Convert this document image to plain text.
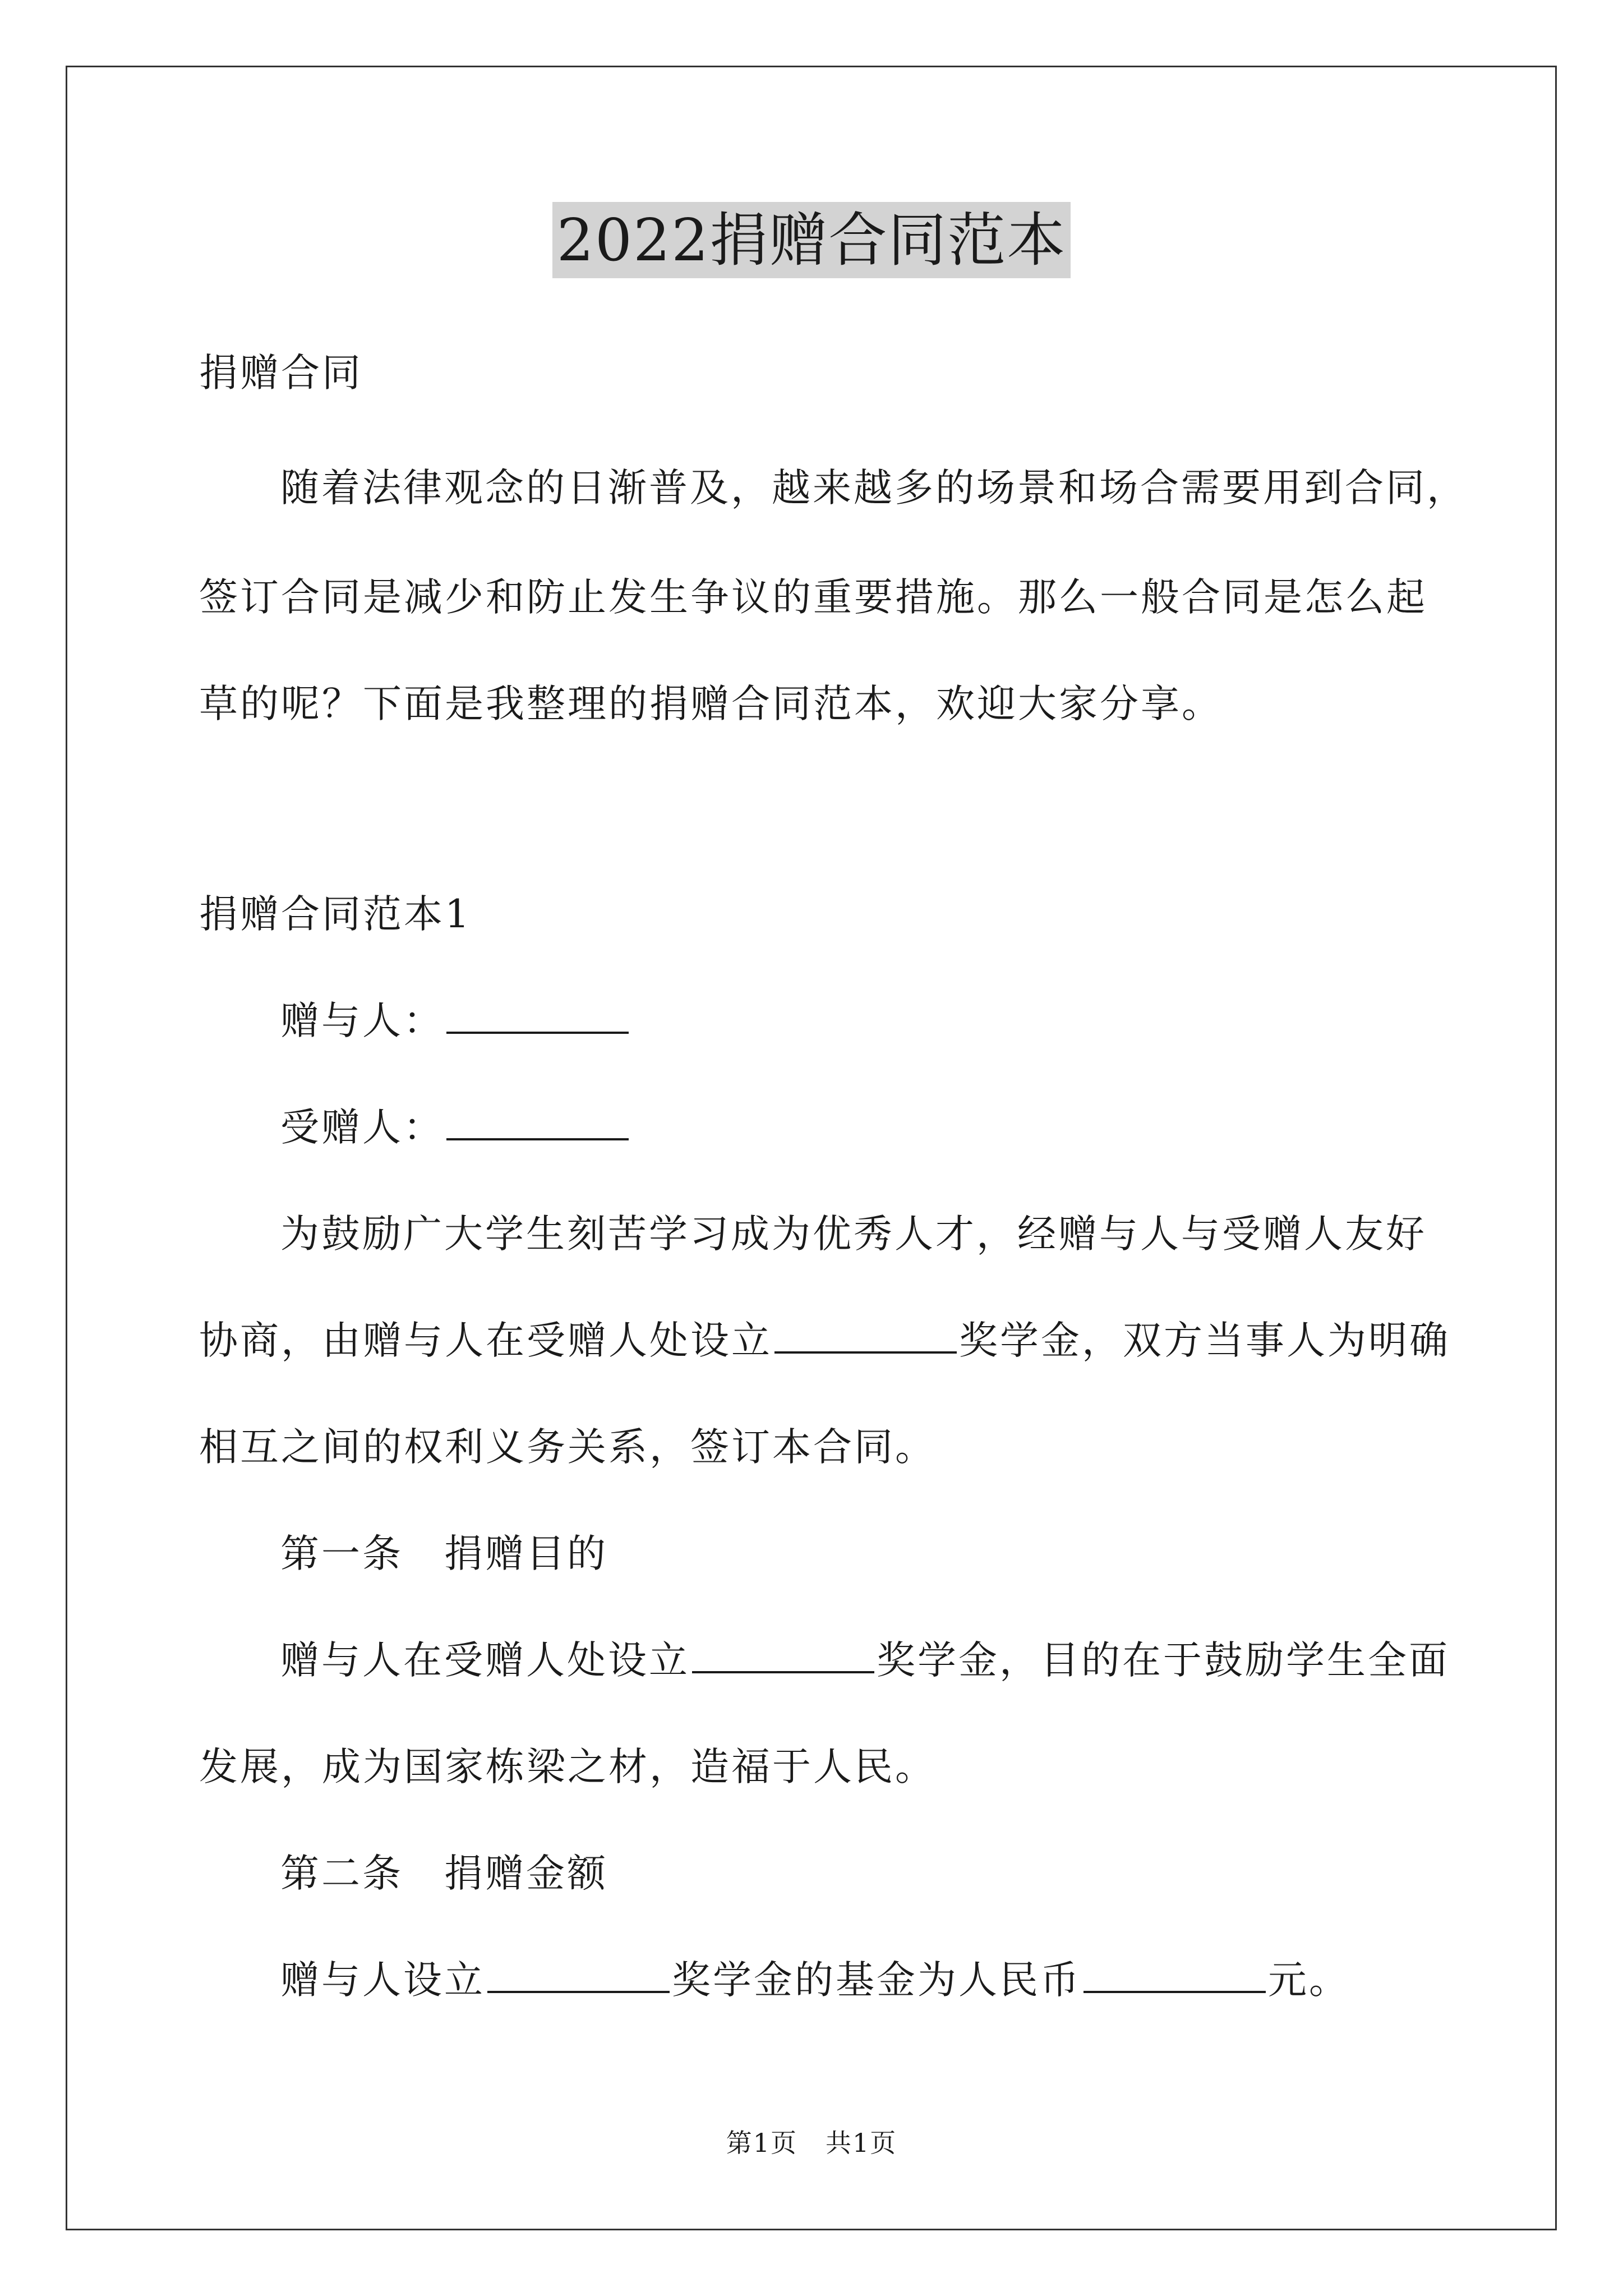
2022捐赠合同范本
捐赠合同
随着法律观念的日渐普及，越来越多的场景和场合需要用到合同，
签订合同是减少和防止发生争议的重要措施。那么一般合同是怎么起
草的呢？下面是我整理的捐赠合同范本，欢迎大家分享。
捐赠合同范本1
赠与人：
受赠人：
为鼓励广大学生刻苦学习成为优秀人才，经赠与人与受赠人友好
协商，由赠与人在受赠人处设立	奖学金，双方当事人为明确
相互之间的权利义务关系，签订本合同。
第一条　捐赠目的
赠与人在受赠人处设立	奖学金，目的在于鼓励学生全面
发展，成为国家栋梁之材，造福于人民。
第二条　捐赠金额
赠与人设立	奖学金的基金为人民币	元。
第1页 共1页
